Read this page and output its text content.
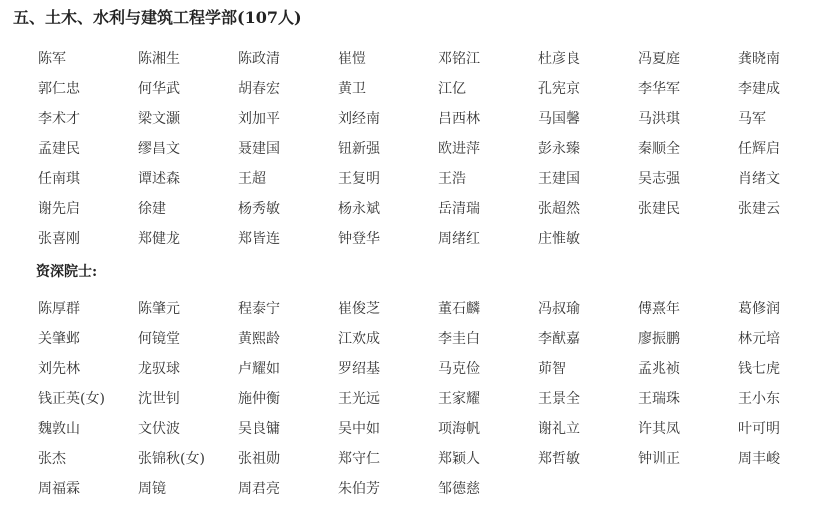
五、土木、水利与建筑工程学部(107人)
陈军	陈湘生	陈政清	崔愷	邓铭江	杜彦良	冯夏庭	龚晓南
郭仁忠	何华武	胡春宏	黄卫	江亿	孔宪京	李华军	李建成
李术才	梁文灏	刘加平	刘经南	吕西林	马国馨	马洪琪	马军
孟建民	缪昌文	聂建国	钮新强	欧进萍	彭永臻	秦顺全	任辉启
任南琪	谭述森	王超	王复明	王浩	王建国	吴志强	肖绪文
谢先启	徐建	杨秀敏	杨永斌	岳清瑞	张超然	张建民	张建云
张喜刚	郑健龙	郑皆连	钟登华	周绪红	庄惟敏
资深院士:
陈厚群	陈肇元	程泰宁	崔俊芝	董石麟	冯叔瑜	傅熹年	葛修润
关肇邺	何镜堂	黄熙龄	江欢成	李圭白	李猷嘉	廖振鹏	林元培
刘先林	龙驭球	卢耀如	罗绍基	马克俭	茆智	孟兆祯	钱七虎
钱正英(女)	沈世钊	施仲衡	王光远	王家耀	王景全	王瑞珠	王小东
魏敦山	文伏波	吴良镛	吴中如	项海帆	谢礼立	许其凤	叶可明
张杰	张锦秋(女)	张祖勋	郑守仁	郑颖人	郑哲敏	钟训正	周丰峻
周福霖	周镜	周君亮	朱伯芳	邹德慈
